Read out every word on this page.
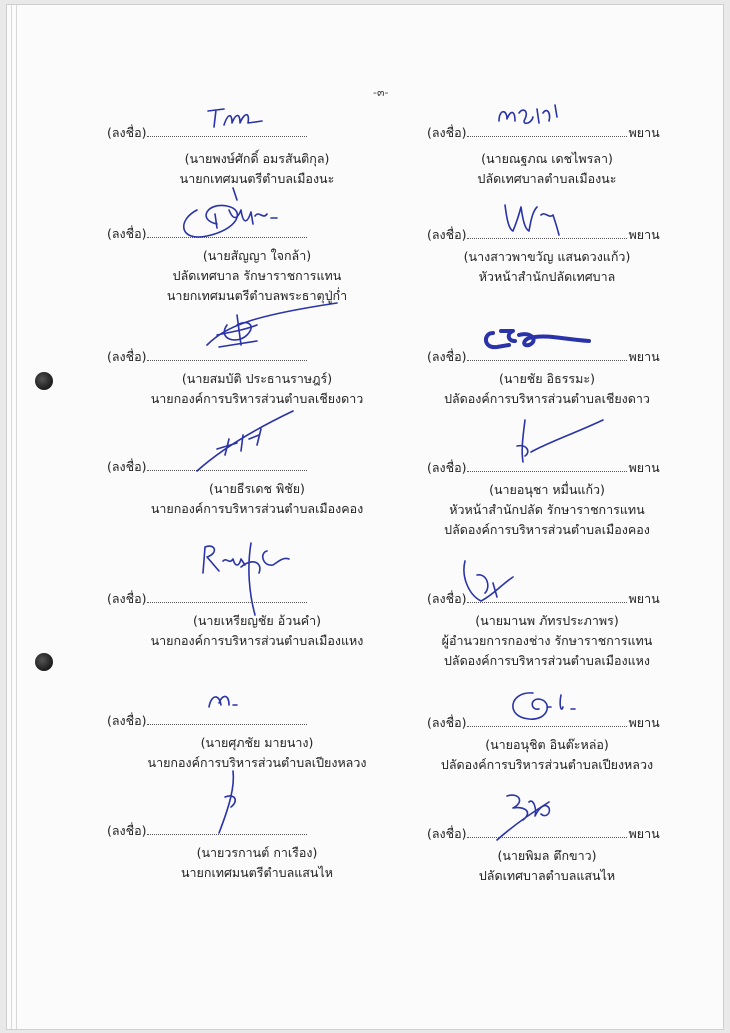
-๓-
(ลงชื่อ)
(นายพงษ์ศักดิ์ อมรสันติกุล)
นายกเทศมนตรีตำบลเมืองนะ
(ลงชื่อ)
(นายสัญญา ใจกล้า)
ปลัดเทศบาล รักษาราชการแทน
นายกเทศมนตรีตำบลพระธาตุปู่ก่ำ
(ลงชื่อ)
(นายสมบัติ ประธานราษฎร์)
นายกองค์การบริหารส่วนตำบลเชียงดาว
(ลงชื่อ)
(นายธีรเดช พิชัย)
นายกองค์การบริหารส่วนตำบลเมืองคอง
(ลงชื่อ)
(นายเหรียญชัย อ้วนคำ)
นายกองค์การบริหารส่วนตำบลเมืองแหง
(ลงชื่อ)
(นายศุภชัย มายนาง)
นายกองค์การบริหารส่วนตำบลเปียงหลวง
(ลงชื่อ)
(นายวรกานต์ กาเรือง)
นายกเทศมนตรีตำบลแสนไห
(ลงชื่อ)	พยาน
(นายณฐภณ เดชไพรลา)
ปลัดเทศบาลตำบลเมืองนะ
(ลงชื่อ)	พยาน
(นางสาวพาขวัญ แสนดวงแก้ว)
หัวหน้าสำนักปลัดเทศบาล
(ลงชื่อ)	พยาน
(นายชัย อิธรรมะ)
ปลัดองค์การบริหารส่วนตำบลเชียงดาว
(ลงชื่อ)	พยาน
(นายอนุชา หมื่นแก้ว)
หัวหน้าสำนักปลัด รักษาราชการแทน
ปลัดองค์การบริหารส่วนตำบลเมืองคอง
(ลงชื่อ)	พยาน
(นายมานพ ภัทรประภาพร)
ผู้อำนวยการกองช่าง รักษาราชการแทน
ปลัดองค์การบริหารส่วนตำบลเมืองแหง
(ลงชื่อ)	พยาน
(นายอนุชิต อินต๊ะหล่อ)
ปลัดองค์การบริหารส่วนตำบลเปียงหลวง
(ลงชื่อ)	พยาน
(นายพิมล ตึกขาว)
ปลัดเทศบาลตำบลแสนไห
